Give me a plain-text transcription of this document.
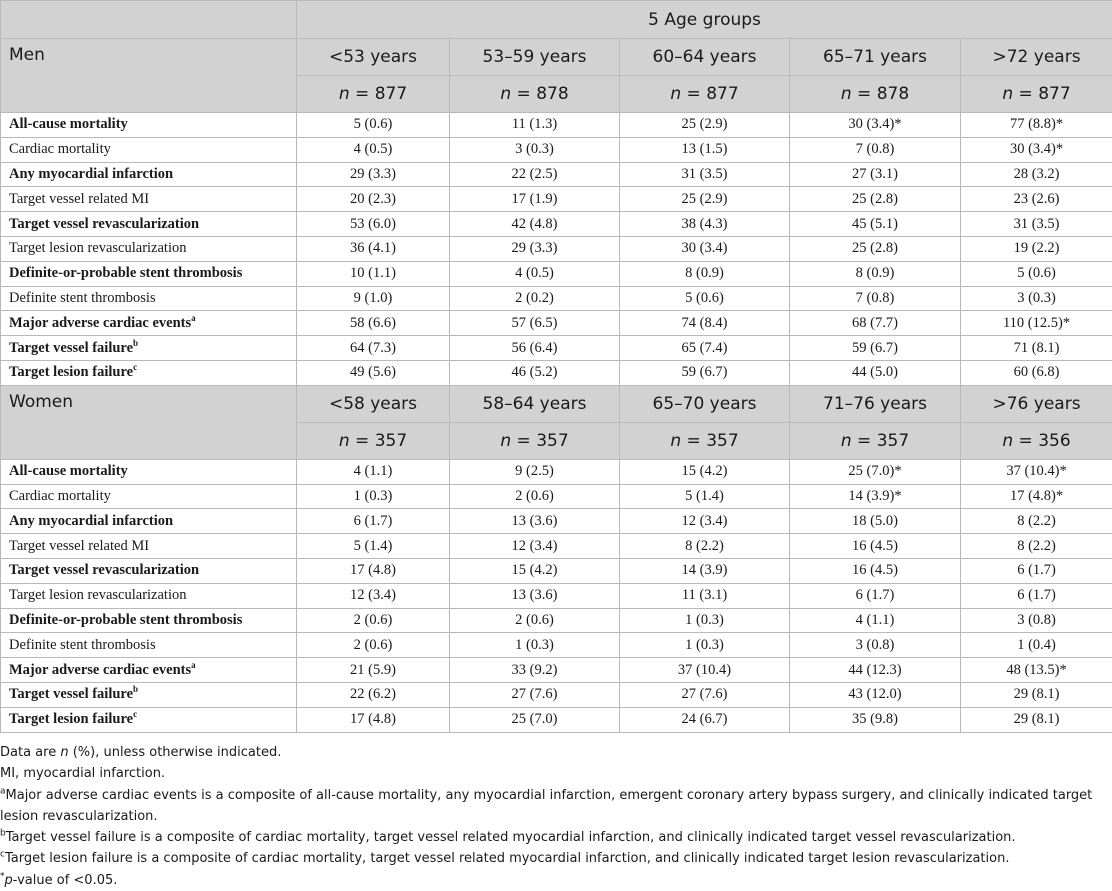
	5 Age groups				
Men	<53 years	53–59 years	60–64 years	65–71 years	>72 years
	n = 877	n = 878	n = 877	n = 878	n = 877
All-cause mortality	5 (0.6)	11 (1.3)	25 (2.9)	30 (3.4)*	77 (8.8)*
Cardiac mortality	4 (0.5)	3 (0.3)	13 (1.5)	7 (0.8)	30 (3.4)*
Any myocardial infarction	29 (3.3)	22 (2.5)	31 (3.5)	27 (3.1)	28 (3.2)
Target vessel related MI	20 (2.3)	17 (1.9)	25 (2.9)	25 (2.8)	23 (2.6)
Target vessel revascularization	53 (6.0)	42 (4.8)	38 (4.3)	45 (5.1)	31 (3.5)
Target lesion revascularization	36 (4.1)	29 (3.3)	30 (3.4)	25 (2.8)	19 (2.2)
Definite-or-probable stent thrombosis	10 (1.1)	4 (0.5)	8 (0.9)	8 (0.9)	5 (0.6)
Definite stent thrombosis	9 (1.0)	2 (0.2)	5 (0.6)	7 (0.8)	3 (0.3)
Major adverse cardiac events$^a$	58 (6.6)	57 (6.5)	74 (8.4)	68 (7.7)	110 (12.5)*
Target vessel failure$^b$	64 (7.3)	56 (6.4)	65 (7.4)	59 (6.7)	71 (8.1)
Target lesion failure$^c$	49 (5.6)	46 (5.2)	59 (6.7)	44 (5.0)	60 (6.8)
Women	<58 years	58–64 years	65–70 years	71–76 years	>76 years
	n = 357	n = 357	n = 357	n = 357	n = 356
All-cause mortality	4 (1.1)	9 (2.5)	15 (4.2)	25 (7.0)*	37 (10.4)*
Cardiac mortality	1 (0.3)	2 (0.6)	5 (1.4)	14 (3.9)*	17 (4.8)*
Any myocardial infarction	6 (1.7)	13 (3.6)	12 (3.4)	18 (5.0)	8 (2.2)
Target vessel related MI	5 (1.4)	12 (3.4)	8 (2.2)	16 (4.5)	8 (2.2)
Target vessel revascularization	17 (4.8)	15 (4.2)	14 (3.9)	16 (4.5)	6 (1.7)
Target lesion revascularization	12 (3.4)	13 (3.6)	11 (3.1)	6 (1.7)	6 (1.7)
Definite-or-probable stent thrombosis	2 (0.6)	2 (0.6)	1 (0.3)	4 (1.1)	3 (0.8)
Definite stent thrombosis	2 (0.6)	1 (0.3)	1 (0.3)	3 (0.8)	1 (0.4)
Major adverse cardiac events$^a$	21 (5.9)	33 (9.2)	37 (10.4)	44 (12.3)	48 (13.5)*
Target vessel failure$^b$	22 (6.2)	27 (7.6)	27 (7.6)	43 (12.0)	29 (8.1)
Target lesion failure$^c$	17 (4.8)	25 (7.0)	24 (6.7)	35 (9.8)	29 (8.1)
Data are n (%), unless otherwise indicated.
MI, myocardial infarction.
$^a$Major adverse cardiac events is a composite of all-cause mortality, any myocardial infarction, emergent coronary artery bypass surgery, and clinically indicated target lesion revascularization.
$^b$Target vessel failure is a composite of cardiac mortality, target vessel related myocardial infarction, and clinically indicated target vessel revascularization.
$^c$Target lesion failure is a composite of cardiac mortality, target vessel related myocardial infarction, and clinically indicated target lesion revascularization.
*p-value of <0.05.
